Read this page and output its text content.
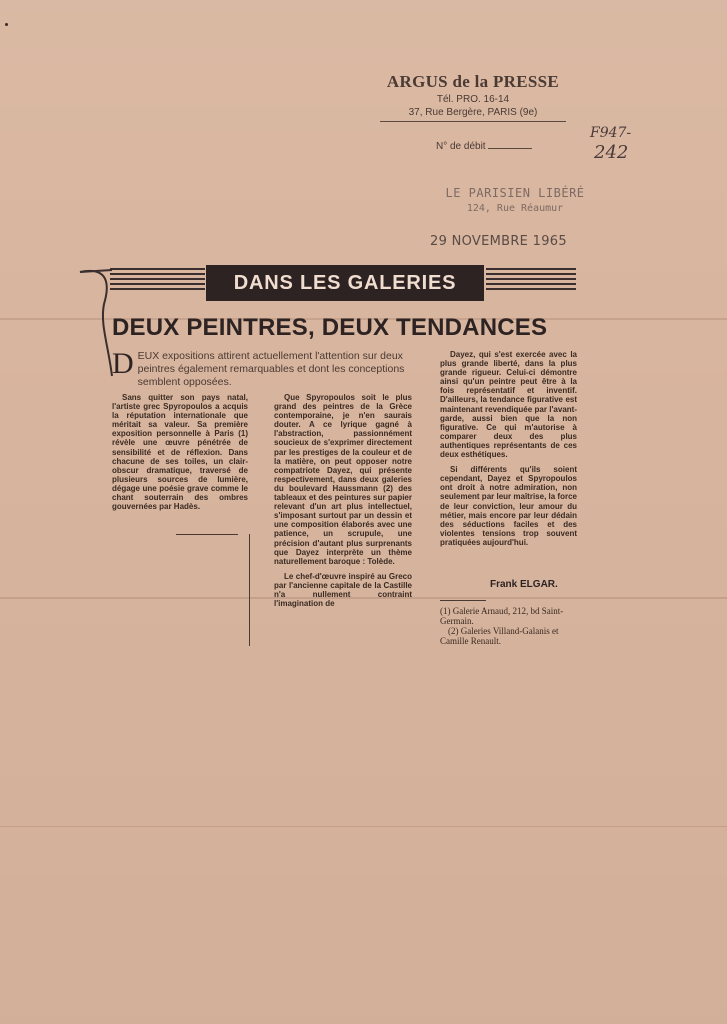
ARGUS de la PRESSE
Tél. PRO. 16-14
37, Rue Bergère, PARIS (9e)
N° de débit
F947-
242
LE PARISIEN LIBÉRÉ
124, Rue Réaumur
29 NOVEMBRE 1965
DANS LES GALERIES
DEUX PEINTRES, DEUX TENDANCES
D EUX expositions attirent actuellement l'attention sur deux peintres également remarquables et dont les conceptions semblent opposées.

Sans quitter son pays natal, l'artiste grec Spyropoulos a acquis la réputation internationale que méritait sa valeur. Sa première exposition personnelle à Paris (1) révèle une œuvre pénétrée de sensibilité et de réflexion. Dans chacune de ses toiles, un clair-obscur dramatique, traversé de plusieurs sources de lumière, dégage une poésie grave comme le chant souterrain des ombres gouvernées par Hadès.

Que Spyropoulos soit le plus grand des peintres de la Grèce contemporaine, je n'en saurais douter. A ce lyrique gagné à l'abstraction, passionnément soucieux de s'exprimer directement par les prestiges de la couleur et de la matière, on peut opposer notre compatriote Dayez, qui présente respectivement, dans deux galeries du boulevard Haussmann (2) des tableaux et des peintures sur papier relevant d'un art plus intellectuel, s'imposant surtout par un dessin et une composition élaborés avec une patience, un scrupule, une précision d'autant plus surprenants que Dayez interprète un thème naturellement baroque : Tolède.

Le chef-d'œuvre inspiré au Greco par l'ancienne capitale de la Castille n'a nullement contraint l'imagination de

Dayez, qui s'est exercée avec la plus grande liberté, dans la plus grande rigueur. Celui-ci démontre ainsi qu'un peintre peut être à la fois représentatif et inventif. D'ailleurs, la tendance figurative est maintenant revendiquée par l'avant-garde, aussi bien que la non figurative. Ce qui m'autorise à comparer deux des plus authentiques représentants de ces deux esthétiques.

Si différents qu'ils soient cependant, Dayez et Spyropoulos ont droit à notre admiration, non seulement par leur maîtrise, la force de leur conviction, leur amour du métier, mais encore par leur dédain des séductions faciles et des violentes tensions trop souvent pratiquées aujourd'hui.

Frank ELGAR.
(1) Galerie Arnaud, 212, bd Saint-Germain.
(2) Galeries Villand-Galanis et Camille Renault.
